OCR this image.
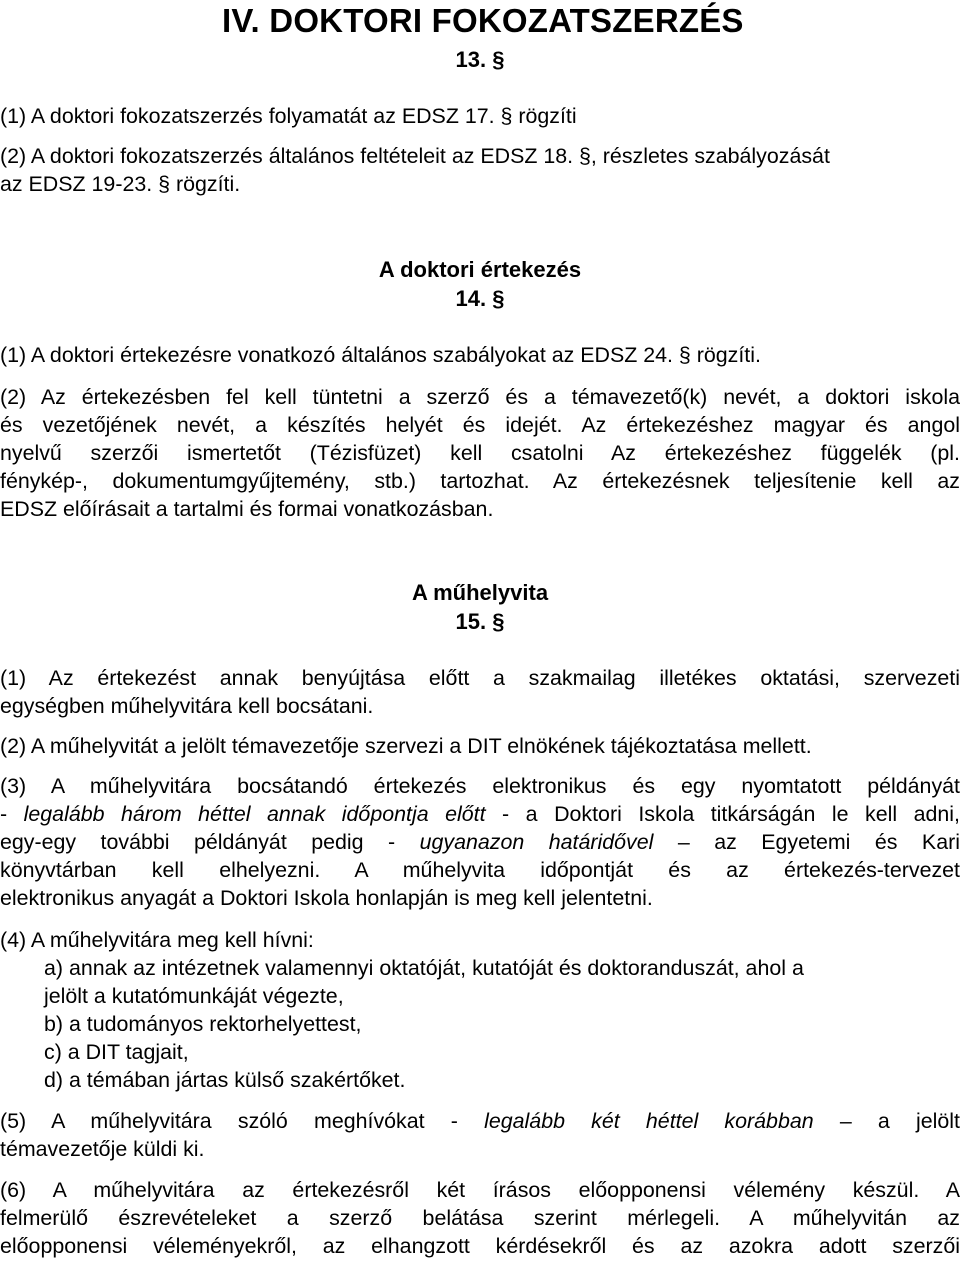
IV. DOKTORI FOKOZATSZERZÉS
13. §
(1) A doktori fokozatszerzés folyamatát az EDSZ 17. § rögzíti
(2) A doktori fokozatszerzés általános feltételeit az EDSZ 18. §, részletes szabályozását
az EDSZ 19-23. § rögzíti.
A doktori értekezés
14. §
(1) A doktori értekezésre vonatkozó általános szabályokat az EDSZ 24. § rögzíti.
(2) Az értekezésben fel kell tüntetni a szerző és a témavezető(k) nevét, a doktori iskola
és vezetőjének nevét, a készítés helyét és idejét. Az értekezéshez magyar és angol
nyelvű szerzői ismertetőt (Tézisfüzet) kell csatolni Az értekezéshez függelék (pl.
fénykép-, dokumentumgyűjtemény, stb.) tartozhat. Az értekezésnek teljesítenie kell az
EDSZ előírásait a tartalmi és formai vonatkozásban.
A műhelyvita
15. §
(1) Az értekezést annak benyújtása előtt a szakmailag illetékes oktatási, szervezeti
egységben műhelyvitára kell bocsátani.
(2) A műhelyvitát a jelölt témavezetője szervezi a DIT elnökének tájékoztatása mellett.
(3) A műhelyvitára bocsátandó értekezés elektronikus és egy nyomtatott példányát
- legalább három héttel annak időpontja előtt - a Doktori Iskola titkárságán le kell adni,
egy-egy további példányát pedig - ugyanazon határidővel – az Egyetemi és Kari
könyvtárban kell elhelyezni. A műhelyvita időpontját és az értekezés-tervezet
elektronikus anyagát a Doktori Iskola honlapján is meg kell jelentetni.
(4) A műhelyvitára meg kell hívni:
a) annak az intézetnek valamennyi oktatóját, kutatóját és doktoranduszát, ahol a
jelölt a kutatómunkáját végezte,
b) a tudományos rektorhelyettest,
c) a DIT tagjait,
d) a témában jártas külső szakértőket.
(5) A műhelyvitára szóló meghívókat - legalább két héttel korábban – a jelölt
témavezetője küldi ki.
(6) A műhelyvitára az értekezésről két írásos előopponensi vélemény készül. A
felmerülő észrevételeket a szerző belátása szerint mérlegeli. A műhelyvitán az
előopponensi véleményekről, az elhangzott kérdésekről és az azokra adott szerzői
